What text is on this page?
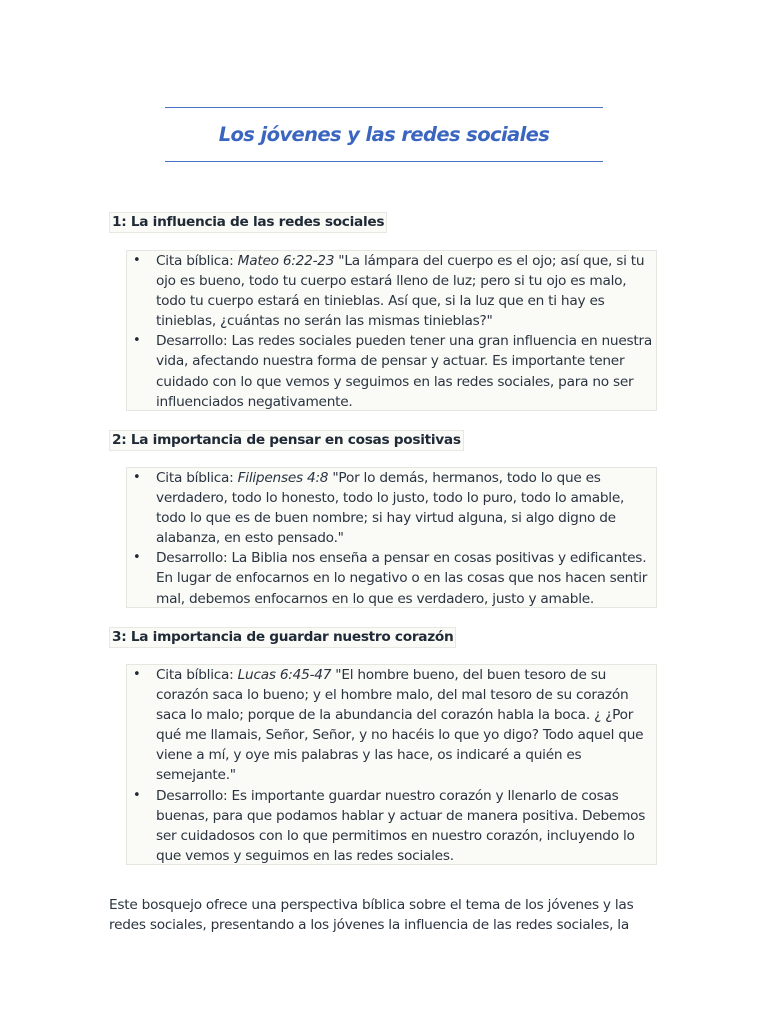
Los jóvenes y las redes sociales
1: La influencia de las redes sociales
• Cita bíblica: Mateo 6:22-23 "La lámpara del cuerpo es el ojo; así que, si tu ojo es bueno, todo tu cuerpo estará lleno de luz; pero si tu ojo es malo, todo tu cuerpo estará en tinieblas. Así que, si la luz que en ti hay es tinieblas, ¿cuántas no serán las mismas tinieblas?"
• Desarrollo: Las redes sociales pueden tener una gran influencia en nuestra vida, afectando nuestra forma de pensar y actuar. Es importante tener cuidado con lo que vemos y seguimos en las redes sociales, para no ser influenciados negativamente.
2: La importancia de pensar en cosas positivas
• Cita bíblica: Filipenses 4:8 "Por lo demás, hermanos, todo lo que es verdadero, todo lo honesto, todo lo justo, todo lo puro, todo lo amable, todo lo que es de buen nombre; si hay virtud alguna, si algo digno de alabanza, en esto pensado."
• Desarrollo: La Biblia nos enseña a pensar en cosas positivas y edificantes. En lugar de enfocarnos en lo negativo o en las cosas que nos hacen sentir mal, debemos enfocarnos en lo que es verdadero, justo y amable.
3: La importancia de guardar nuestro corazón
• Cita bíblica: Lucas 6:45-47 "El hombre bueno, del buen tesoro de su corazón saca lo bueno; y el hombre malo, del mal tesoro de su corazón saca lo malo; porque de la abundancia del corazón habla la boca. ¿ ¿Por qué me llamais, Señor, Señor, y no hacéis lo que yo digo? Todo aquel que viene a mí, y oye mis palabras y las hace, os indicaré a quién es semejante."
• Desarrollo: Es importante guardar nuestro corazón y llenarlo de cosas buenas, para que podamos hablar y actuar de manera positiva. Debemos ser cuidadosos con lo que permitimos en nuestro corazón, incluyendo lo que vemos y seguimos en las redes sociales.

Este bosquejo ofrece una perspectiva bíblica sobre el tema de los jóvenes y las redes sociales, presentando a los jóvenes la influencia de las redes sociales, la
